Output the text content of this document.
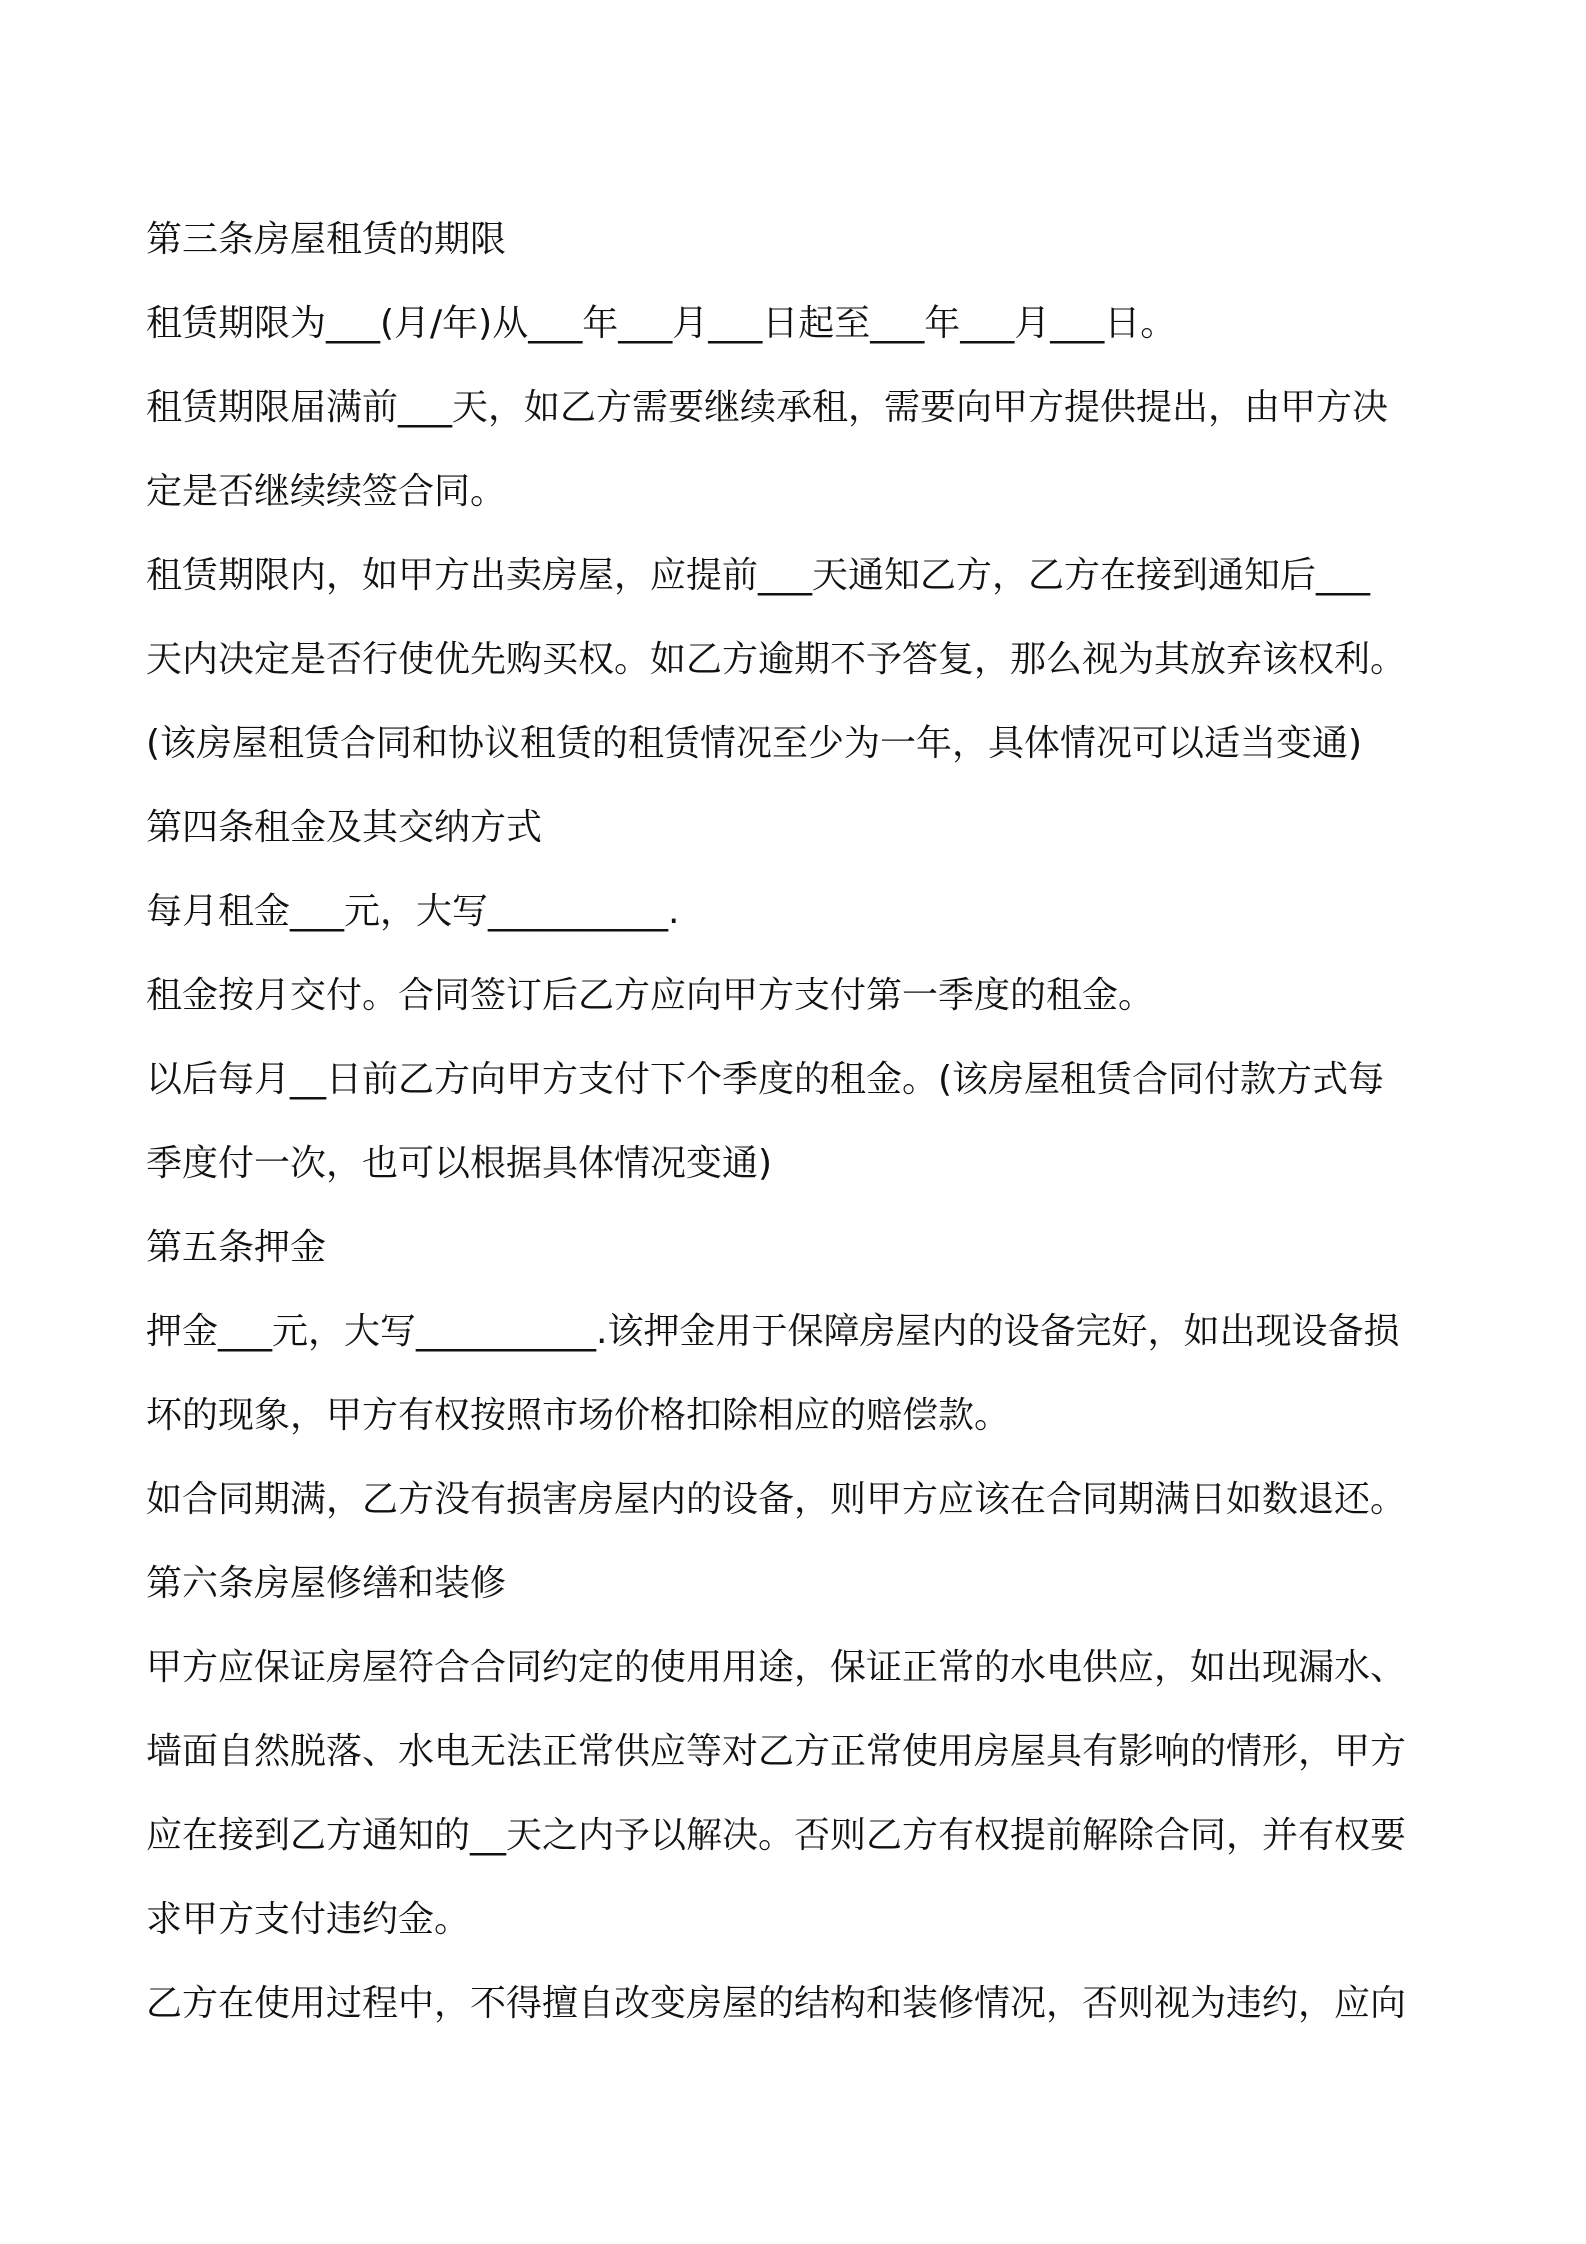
第三条房屋租赁的期限
租赁期限为___(月/年)从___年___月___日起至___年___月___日。
租赁期限届满前___天，如乙方需要继续承租，需要向甲方提供提出，由甲方决
定是否继续续签合同。
租赁期限内，如甲方出卖房屋，应提前___天通知乙方，乙方在接到通知后___
天内决定是否行使优先购买权。如乙方逾期不予答复，那么视为其放弃该权利。
(该房屋租赁合同和协议租赁的租赁情况至少为一年，具体情况可以适当变通)
第四条租金及其交纳方式
每月租金___元，大写__________.
租金按月交付。合同签订后乙方应向甲方支付第一季度的租金。
以后每月__日前乙方向甲方支付下个季度的租金。(该房屋租赁合同付款方式每
季度付一次，也可以根据具体情况变通)
第五条押金
押金___元，大写__________.该押金用于保障房屋内的设备完好，如出现设备损
坏的现象，甲方有权按照市场价格扣除相应的赔偿款。
如合同期满，乙方没有损害房屋内的设备，则甲方应该在合同期满日如数退还。
第六条房屋修缮和装修
甲方应保证房屋符合合同约定的使用用途，保证正常的水电供应，如出现漏水、
墙面自然脱落、水电无法正常供应等对乙方正常使用房屋具有影响的情形，甲方
应在接到乙方通知的__天之内予以解决。否则乙方有权提前解除合同，并有权要
求甲方支付违约金。
乙方在使用过程中，不得擅自改变房屋的结构和装修情况，否则视为违约，应向
